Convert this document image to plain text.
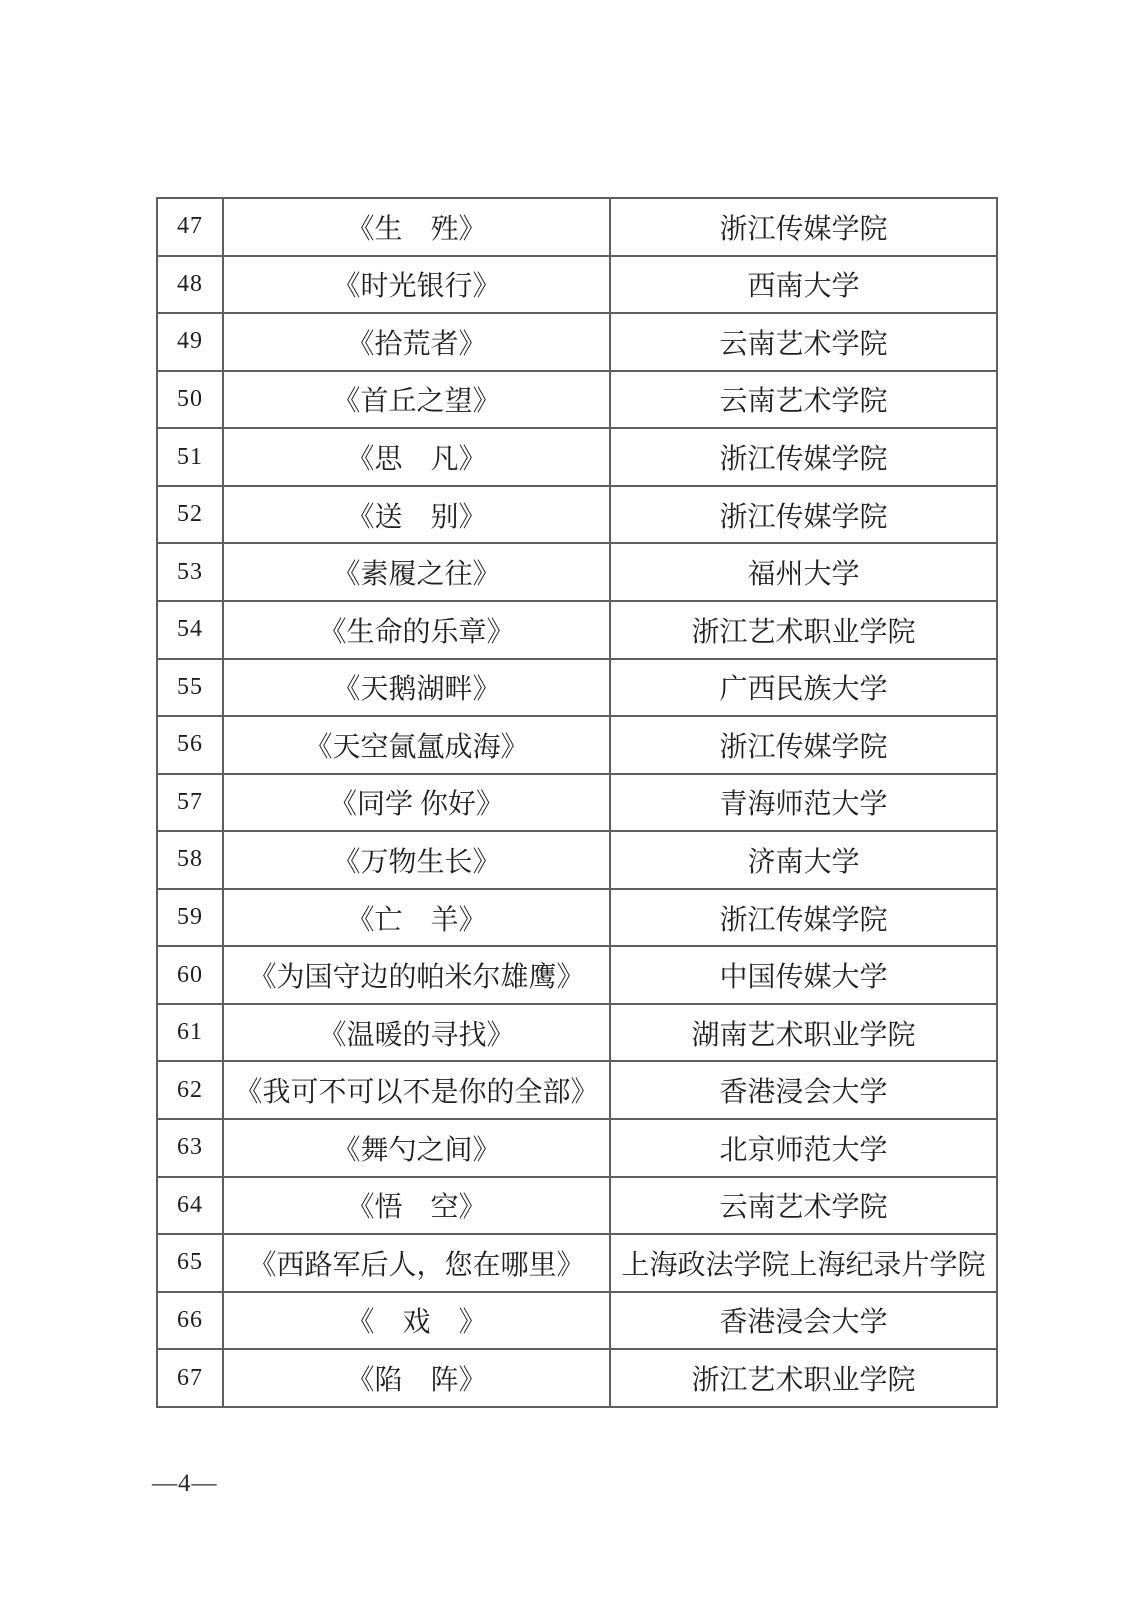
47	《生　殅》	浙江传媒学院
48	《时光银行》	西南大学
49	《拾荒者》	云南艺术学院
50	《首丘之望》	云南艺术学院
51	《思　凡》	浙江传媒学院
52	《送　别》	浙江传媒学院
53	《素履之往》	福州大学
54	《生命的乐章》	浙江艺术职业学院
55	《天鹅湖畔》	广西民族大学
56	《天空氤氲成海》	浙江传媒学院
57	《同学 你好》	青海师范大学
58	《万物生长》	济南大学
59	《亡　羊》	浙江传媒学院
60	《为国守边的帕米尔雄鹰》	中国传媒大学
61	《温暖的寻找》	湖南艺术职业学院
62	《我可不可以不是你的全部》	香港浸会大学
63	《舞勺之间》	北京师范大学
64	《悟　空》	云南艺术学院
65	《西路军后人，您在哪里》	上海政法学院上海纪录片学院
66	《　戏　》	香港浸会大学
67	《陷　阵》	浙江艺术职业学院
—4—
